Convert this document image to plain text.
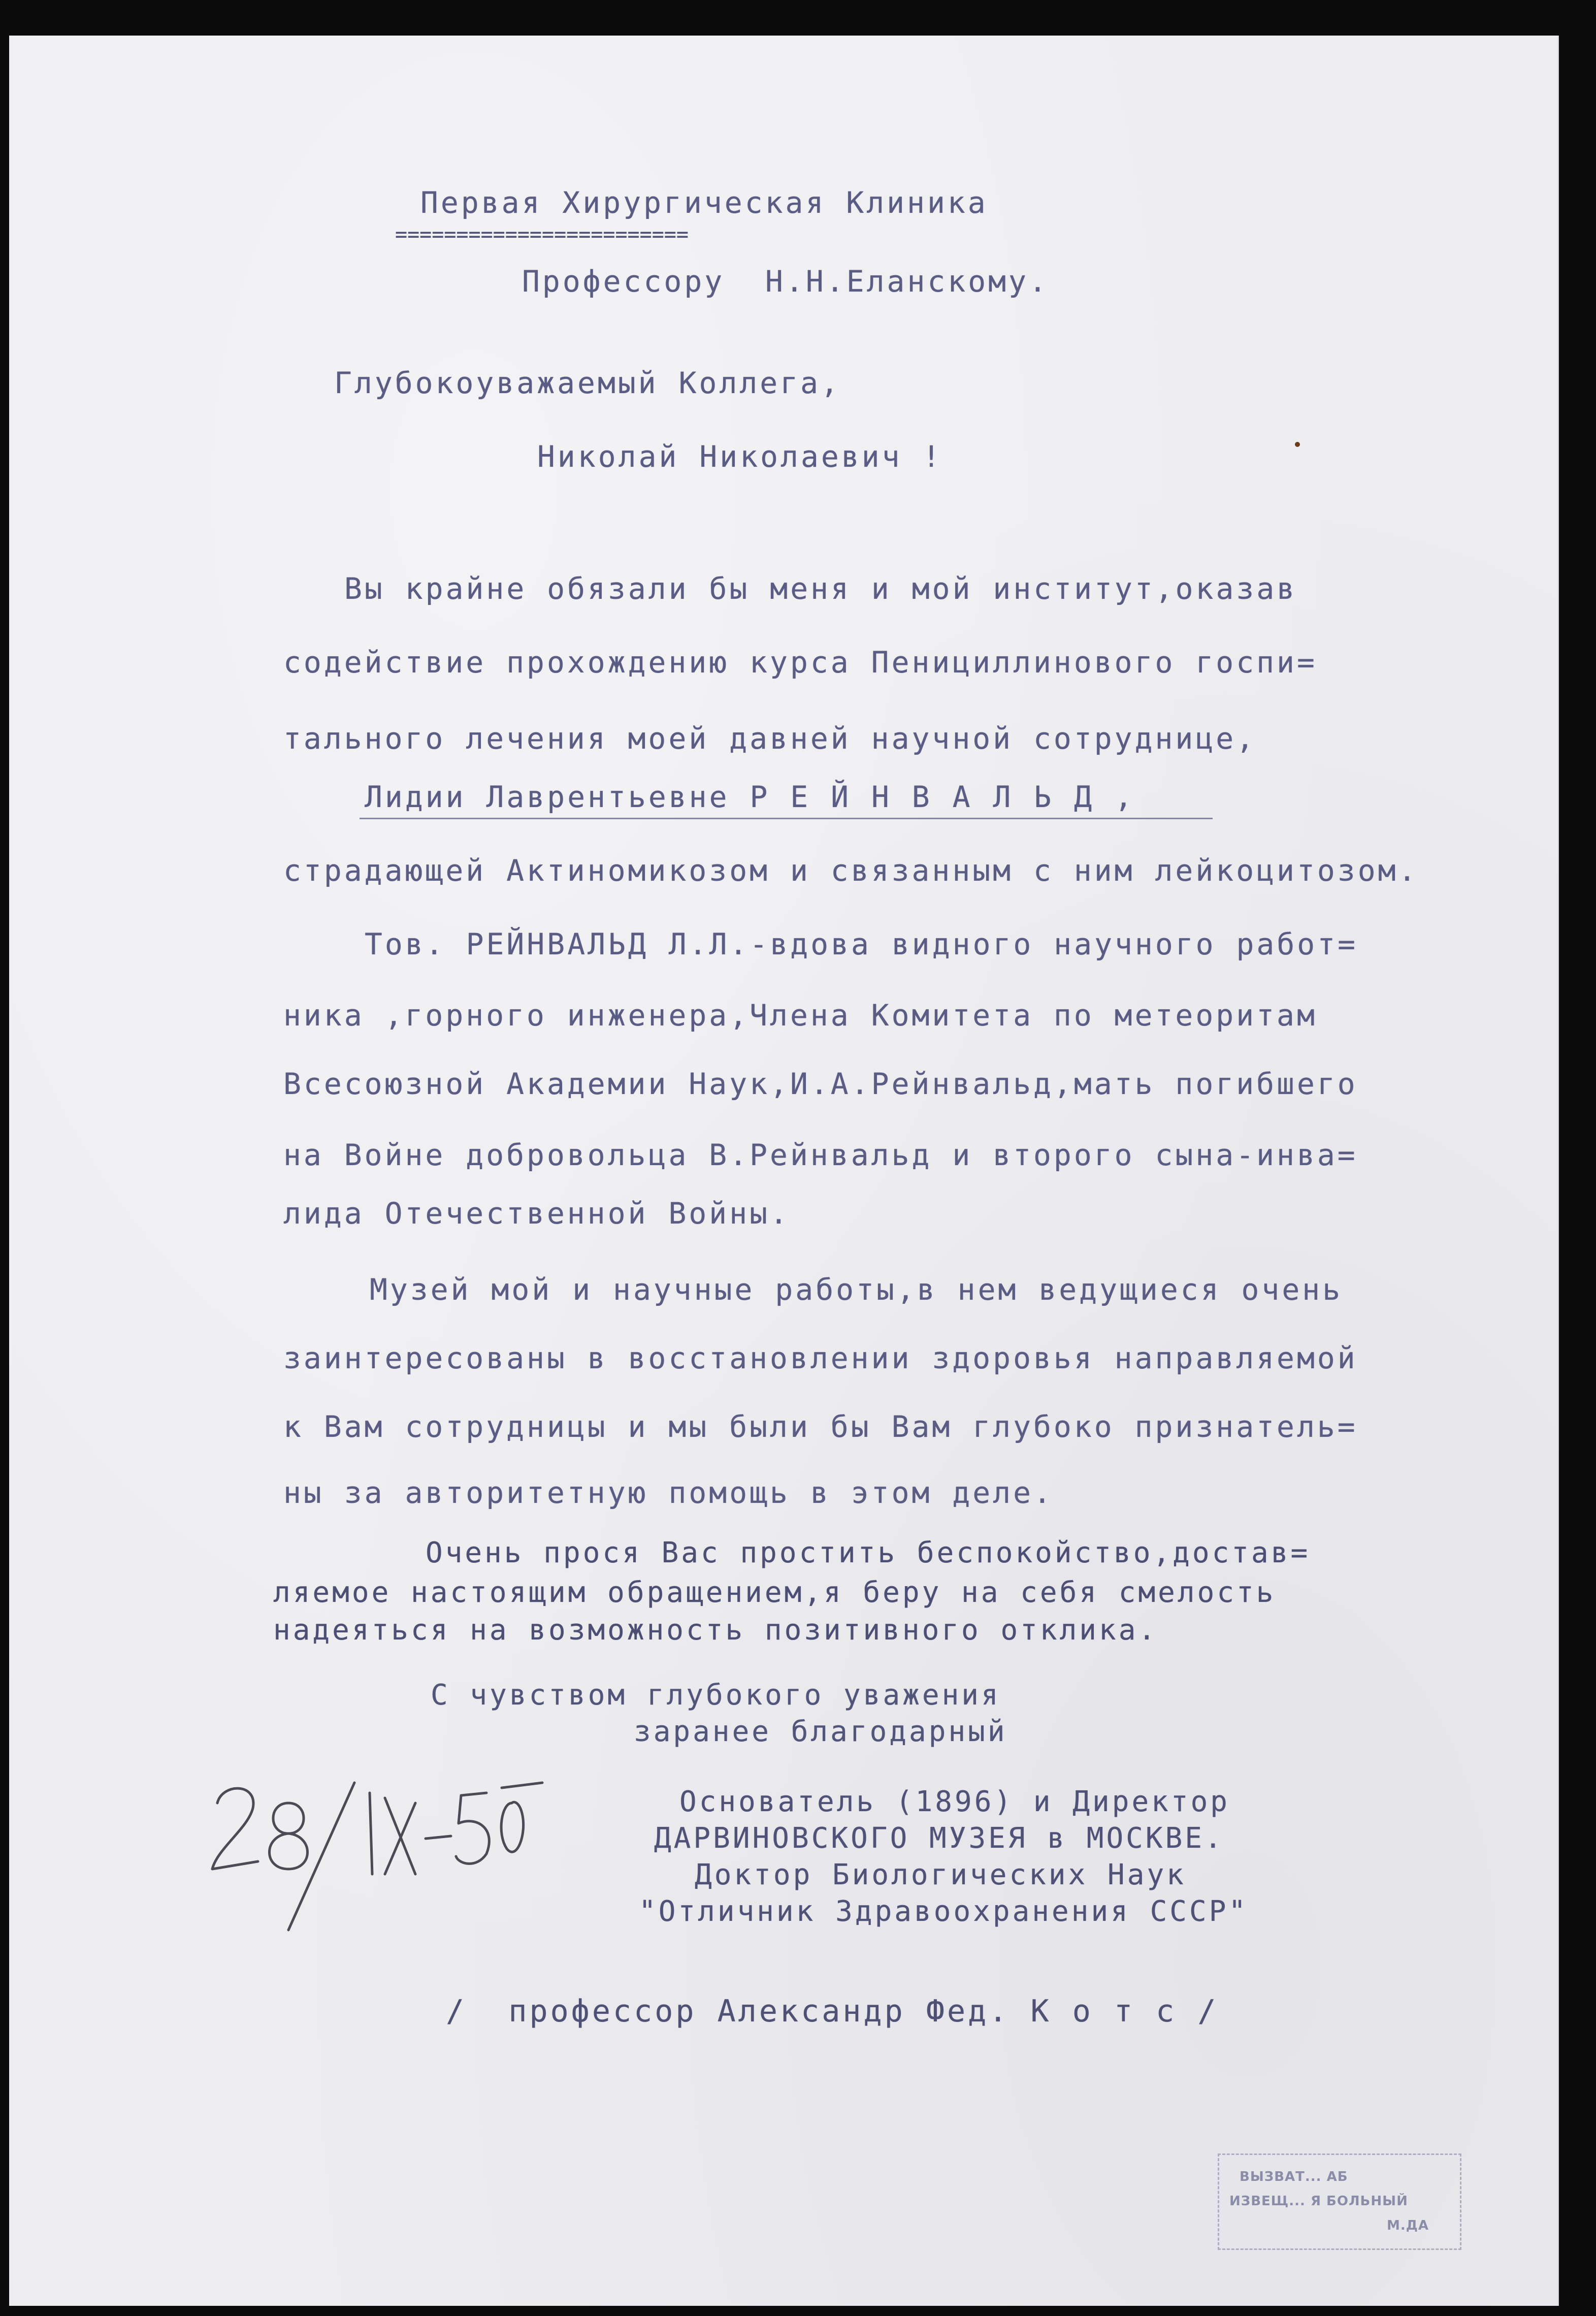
Первая Хирургическая Клиника
========================
Профессору  Н.Н.Еланскому.
Глубокоуважаемый Коллега,
Николай Николаевич !
Вы крайне обязали бы меня и мой институт,оказав
содействие прохождению курса Пенициллинового госпи=
тального лечения моей давней научной сотруднице,
Лидии Лаврентьевне Р Е Й Н В А Л Ь Д ,
страдающей Актиномикозом и связанным с ним лейкоцитозом.
Тов. РЕЙНВАЛЬД Л.Л.-вдова видного научного работ=
ника ,горного инженера,Члена Комитета по метеоритам
Всесоюзной Академии Наук,И.А.Рейнвальд,мать погибшего
на Войне добровольца В.Рейнвальд и второго сына-инва=
лида Отечественной Войны.
Музей мой и научные работы,в нем ведущиеся очень
заинтересованы в восстановлении здоровья направляемой
к Вам сотрудницы и мы были бы Вам глубоко признатель=
ны за авторитетную помощь в этом деле.
Очень прося Вас простить беспокойство,достав=
ляемое настоящим обращением,я беру на себя смелость
надеяться на возможность позитивного отклика.
С чувством глубокого уважения
заранее благодарный
Основатель (1896) и Директор
ДАРВИНОВСКОГО МУЗЕЯ в МОСКВЕ.
Доктор Биологических Наук
"Отличник Здравоохранения СССР"
/  профессор Александр Фед. К о т с /
ВЫЗВАТ... АБ
ИЗВЕЩ... Я БОЛЬНЫЙ
М.ДА
